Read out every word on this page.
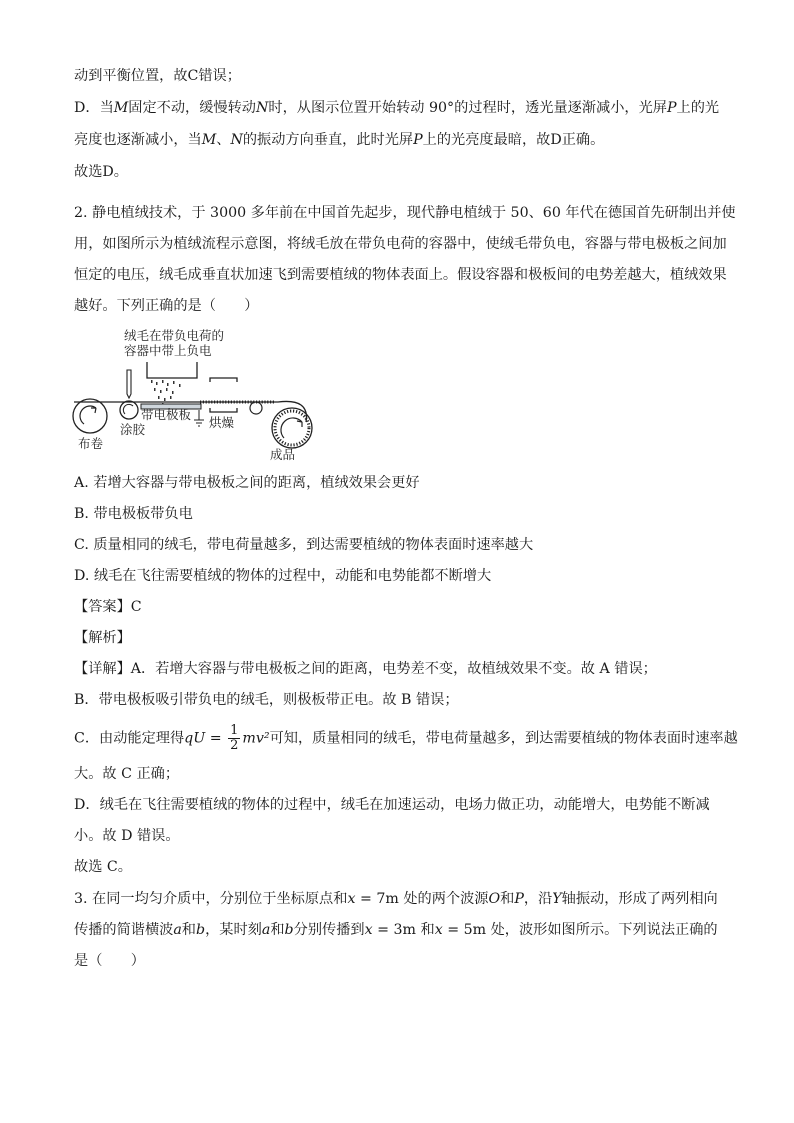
动到平衡位置，故C错误；
D．当M固定不动，缓慢转动N时，从图示位置开始转动 90°的过程时，透光量逐渐减小，光屏P上的光
亮度也逐渐减小，当M、N的振动方向垂直，此时光屏P上的光亮度最暗，故D正确。
故选D。
2. 静电植绒技术，于 3000 多年前在中国首先起步，现代静电植绒于 50、60 年代在德国首先研制出并使
用，如图所示为植绒流程示意图，将绒毛放在带负电荷的容器中，使绒毛带负电，容器与带电极板之间加
恒定的电压，绒毛成垂直状加速飞到需要植绒的物体表面上。假设容器和极板间的电势差越大，植绒效果
越好。下列正确的是（　　）
绒毛在带负电荷的
容器中带上负电
带电极板
烘燥
布卷
涂胶
成品
A. 若增大容器与带电极板之间的距离，植绒效果会更好
B. 带电极板带负电
C. 质量相同的绒毛，带电荷量越多，到达需要植绒的物体表面时速率越大
D. 绒毛在飞往需要植绒的物体的过程中，动能和电势能都不断增大
【答案】C
【解析】
【详解】A．若增大容器与带电极板之间的距离，电势差不变，故植绒效果不变。故 A 错误；
B．带电极板吸引带负电的绒毛，则极板带正电。故 B 错误；
C．由动能定理得qU = $\frac{1}{2} mv^2$可知，质量相同的绒毛，带电荷量越多，到达需要植绒的物体表面时速率越
大。故 C 正确；
D．绒毛在飞往需要植绒的物体的过程中，绒毛在加速运动，电场力做正功，动能增大，电势能不断减
小。故 D 错误。
故选 C。
3. 在同一均匀介质中，分别位于坐标原点和x = 7m 处的两个波源O和P，沿Y轴振动，形成了两列相向
传播的简谐横波a和b，某时刻a和b分别传播到x = 3m 和x = 5m 处，波形如图所示。下列说法正确的
是（　　）
